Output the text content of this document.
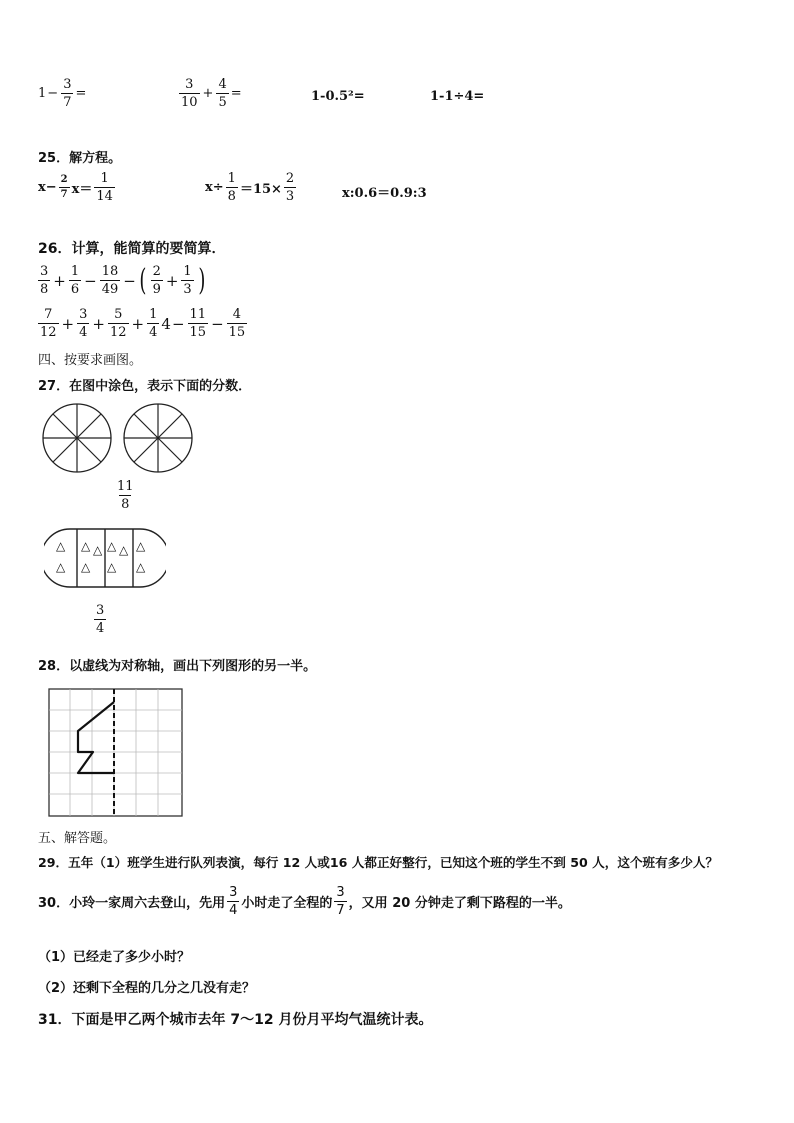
$1 - \frac{3}{7}$ =	$\frac{3}{10} + \frac{4}{5}$ =	1-0.5²=	1-1÷4=
25．解方程。
$x- \frac{2}{7} x= \frac{1}{14}$	$x\div \frac{1}{8} =15\times \frac{2}{3}$	x:0.6＝0.9:3
26．计算，能简算的要简算．
$\frac{3}{8} + \frac{1}{6} - \frac{18}{49}$ − ( $\frac{2}{9} + \frac{1}{3}$ )
$\frac{7}{12} + \frac{3}{4} + \frac{5}{12} + \frac{1}{4} 4 - \frac{11}{15} - \frac{4}{15}$
四、按要求画图。
27．在图中涂色，表示下面的分数．
$\frac{11}{8}$
△
△
△
△
△ △
△
△ △
△
$\frac{3}{4}$
28．以虚线为对称轴，画出下列图形的另一半。
五、解答题。
29．五年（1）班学生进行队列表演，每行 12 人或16 人都正好整行，已知这个班的学生不到 50 人，这个班有多少人？
30．小玲一家周六去登山，先用 $\frac{3}{4}$ 小时走了全程的 $\frac{3}{7}$ ，又用 20 分钟走了剩下路程的一半。
（1）已经走了多少小时？
（2）还剩下全程的几分之几没有走？
31．下面是甲乙两个城市去年 7～12 月份月平均气温统计表。
